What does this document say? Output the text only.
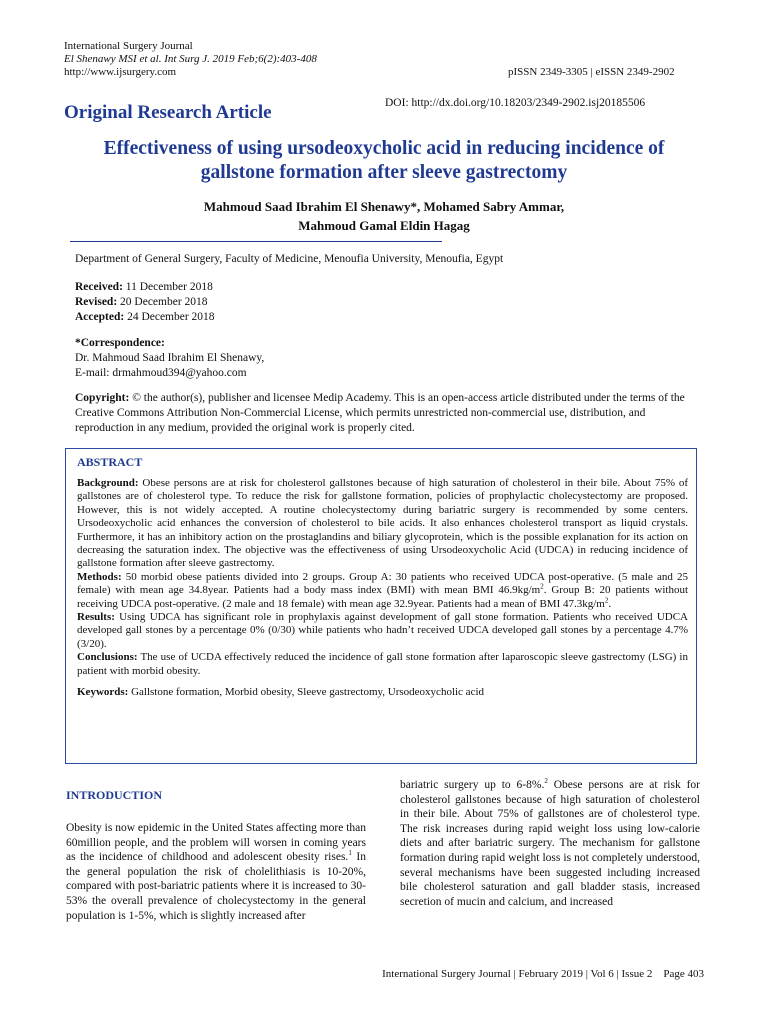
International Surgery Journal
El Shenawy MSI et al. Int Surg J. 2019 Feb;6(2):403-408
http://www.ijsurgery.com	pISSN 2349-3305 | eISSN 2349-2902
Original Research Article	DOI: http://dx.doi.org/10.18203/2349-2902.isj20185506
Effectiveness of using ursodeoxycholic acid in reducing incidence of
gallstone formation after sleeve gastrectomy
Mahmoud Saad Ibrahim El Shenawy*, Mohamed Sabry Ammar,
Mahmoud Gamal Eldin Hagag
Department of General Surgery, Faculty of Medicine, Menoufia University, Menoufia, Egypt
Received: 11 December 2018
Revised: 20 December 2018
Accepted: 24 December 2018
*Correspondence:
Dr. Mahmoud Saad Ibrahim El Shenawy,
E-mail: drmahmoud394@yahoo.com
Copyright: © the author(s), publisher and licensee Medip Academy. This is an open-access article distributed under the terms of the Creative Commons Attribution Non-Commercial License, which permits unrestricted non-commercial use, distribution, and reproduction in any medium, provided the original work is properly cited.
ABSTRACT
Background: Obese persons are at risk for cholesterol gallstones because of high saturation of cholesterol in their bile. About 75% of gallstones are of cholesterol type. To reduce the risk for gallstone formation, policies of prophylactic cholecystectomy are proposed. However, this is not widely accepted. A routine cholecystectomy during bariatric surgery is recommended by some centers. Ursodeoxycholic acid enhances the conversion of cholesterol to bile acids. It also enhances cholesterol transport as liquid crystals. Furthermore, it has an inhibitory action on the prostaglandins and biliary glycoprotein, which is the possible explanation for its action on decreasing the saturation index. The objective was the effectiveness of using Ursodeoxycholic Acid (UDCA) in reducing incidence of gallstone formation after sleeve gastrectomy.
Methods: 50 morbid obese patients divided into 2 groups. Group A: 30 patients who received UDCA post-operative. (5 male and 25 female) with mean age 34.8year. Patients had a body mass index (BMI) with mean BMI $46.9kg/m^2$. Group B: 20 patients without receiving UDCA post-operative. (2 male and 18 female) with mean age 32.9year. Patients had a mean of BMI $47.3kg/m^2$.
Results: Using UDCA has significant role in prophylaxis against development of gall stone formation. Patients who received UDCA developed gall stones by a percentage 0% (0/30) while patients who hadn’t received UDCA developed gall stones by a percentage 4.7% (3/20).
Conclusions: The use of UCDA effectively reduced the incidence of gall stone formation after laparoscopic sleeve gastrectomy (LSG) in patient with morbid obesity.
Keywords: Gallstone formation, Morbid obesity, Sleeve gastrectomy, Ursodeoxycholic acid
INTRODUCTION
Obesity is now epidemic in the United States affecting more than 60million people, and the problem will worsen in coming years as the incidence of childhood and adolescent obesity rises.$^1$ In the general population the risk of cholelithiasis is 10-20%, compared with post-bariatric patients where it is increased to 30-53% the overall prevalence of cholecystectomy in the general population is 1-5%, which is slightly increased after
bariatric surgery up to 6-8%.$^2$ Obese persons are at risk for cholesterol gallstones because of high saturation of cholesterol in their bile. About 75% of gallstones are of cholesterol type. The risk increases during rapid weight loss using low-calorie diets and after bariatric surgery. The mechanism for gallstone formation during rapid weight loss is not completely understood, several mechanisms have been suggested including increased bile cholesterol saturation and gall bladder stasis, increased secretion of mucin and calcium, and increased
International Surgery Journal | February 2019 | Vol 6 | Issue 2    Page 403
